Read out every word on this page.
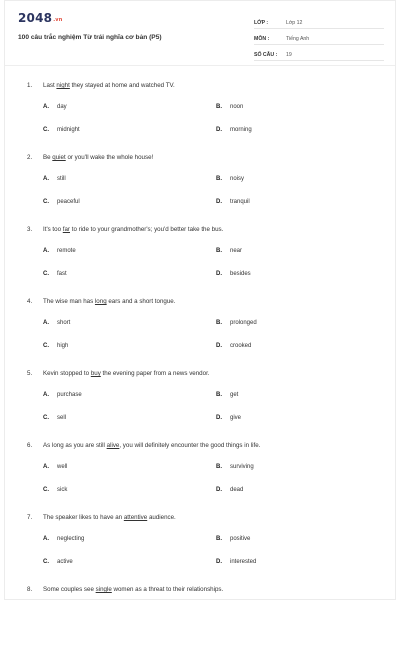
2048.vn
100 câu trắc nghiệm Từ trái nghĩa cơ bản (P5)
LỚP :	Lớp 12
MÔN :	Tiếng Anh
SỐ CÂU :	19
1. Last night they stayed at home and watched TV.
A. day	B. noon
C. midnight	D. morning
2. Be quiet or you'll wake the whole house!
A. still	B. noisy
C. peaceful	D. tranquil
3. It's too far to ride to your grandmother's; you'd better take the bus.
A. remote	B. near
C. fast	D. besides
4. The wise man has long ears and a short tongue.
A. short	B. prolonged
C. high	D. crooked
5. Kevin stopped to buy the evening paper from a news vendor.
A. purchase	B. get
C. sell	D. give
6. As long as you are still alive, you will definitely encounter the good things in life.
A. well	B. surviving
C. sick	D. dead
7. The speaker likes to have an attentive audience.
A. neglecting	B. positive
C. active	D. interested
8. Some couples see single women as a threat to their relationships.
